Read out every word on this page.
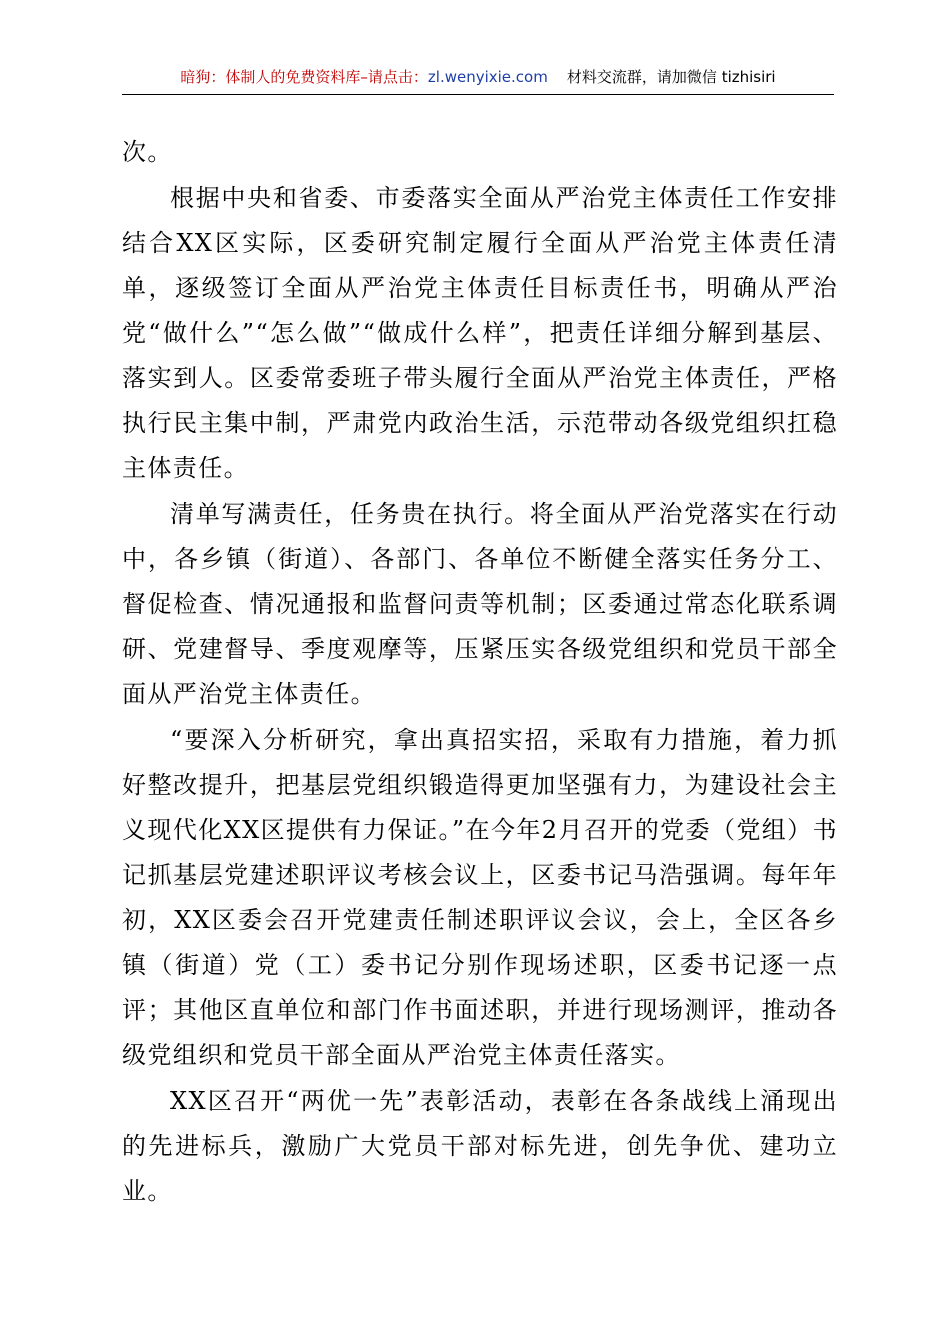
暗狗：体制人的免费资料库–请点击：zl.wenyixie.com 材料交流群，请加微信 tizhisiri

次。

根据中央和省委、市委落实全面从严治党主体责任工作安排结合XX区实际，区委研究制定履行全面从严治党主体责任清单，逐级签订全面从严治党主体责任目标责任书，明确从严治党“做什么”“怎么做”“做成什么样”，把责任详细分解到基层、落实到人。区委常委班子带头履行全面从严治党主体责任，严格执行民主集中制，严肃党内政治生活，示范带动各级党组织扛稳主体责任。

清单写满责任，任务贵在执行。将全面从严治党落实在行动中，各乡镇（街道）、各部门、各单位不断健全落实任务分工、督促检查、情况通报和监督问责等机制；区委通过常态化联系调研、党建督导、季度观摩等，压紧压实各级党组织和党员干部全面从严治党主体责任。

“要深入分析研究，拿出真招实招，采取有力措施，着力抓好整改提升，把基层党组织锻造得更加坚强有力，为建设社会主义现代化XX区提供有力保证。”在今年2月召开的党委（党组）书记抓基层党建述职评议考核会议上，区委书记马浩强调。每年年初，XX区委会召开党建责任制述职评议会议，会上，全区各乡镇（街道）党（工）委书记分别作现场述职，区委书记逐一点评；其他区直单位和部门作书面述职，并进行现场测评，推动各级党组织和党员干部全面从严治党主体责任落实。

XX区召开“两优一先”表彰活动，表彰在各条战线上涌现出的先进标兵，激励广大党员干部对标先进，创先争优、建功立业。
